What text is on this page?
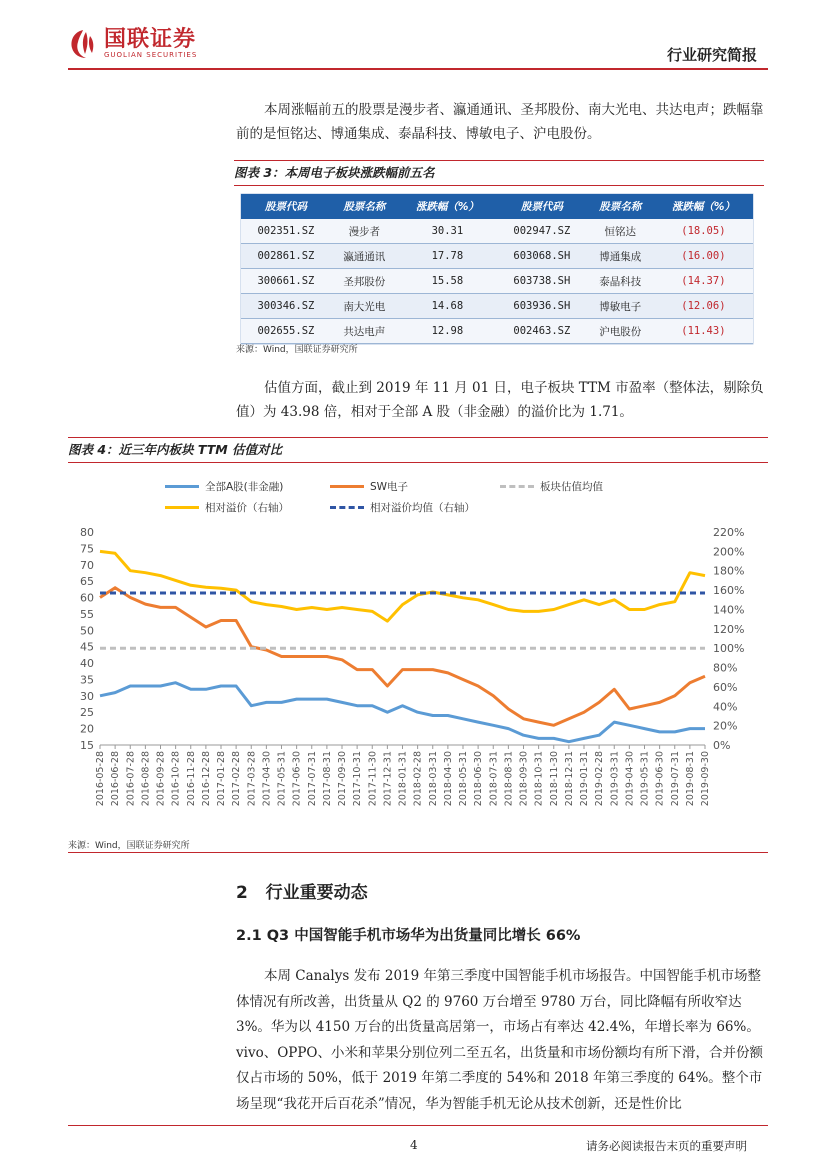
国联证券
GUOLIAN SECURITIES	行业研究简报
本周涨幅前五的股票是漫步者、瀛通通讯、圣邦股份、南大光电、共达电声；跌幅靠前的是恒铭达、博通集成、泰晶科技、博敏电子、沪电股份。
图表 3：本周电子板块涨跌幅前五名
股票代码	股票名称	涨跌幅（%）	股票代码	股票名称	涨跌幅（%）
002351.SZ	漫步者	30.31	002947.SZ	恒铭达	(18.05)
002861.SZ	瀛通通讯	17.78	603068.SH	博通集成	(16.00)
300661.SZ	圣邦股份	15.58	603738.SH	泰晶科技	(14.37)
300346.SZ	南大光电	14.68	603936.SH	博敏电子	(12.06)
002655.SZ	共达电声	12.98	002463.SZ	沪电股份	(11.43)
来源：Wind，国联证券研究所
估值方面，截止到 2019 年 11 月 01 日，电子板块 TTM 市盈率（整体法，剔除负值）为 43.98 倍，相对于全部 A 股（非金融）的溢价比为 1.71。
图表 4：近三年内板块 TTM 估值对比
全部A股(非金融)	SW电子	板块估值均值
相对溢价（右轴）	相对溢价均值（右轴）
80
75
70
65
60
55
50
45
40
35
30
25
20
15
220%
200%
180%
160%
140%
120%
100%
80%
60%
40%
20%
0%
2016-05-28 2016-06-28 2016-07-28 2016-08-28 2016-09-28 2016-10-28 2016-11-28 2016-12-28 2017-01-28 2017-02-28 2017-03-28 2017-04-30 2017-05-31 2017-06-30 2017-07-31 2017-08-31 2017-09-30 2017-10-31 2017-11-30 2017-12-31 2018-01-31 2018-02-28 2018-03-31 2018-04-30 2018-05-31 2018-06-30 2018-07-31 2018-08-31 2018-09-30 2018-10-31 2018-11-30 2018-12-31 2019-01-31 2019-02-28 2019-03-31 2019-04-30 2019-05-31 2019-06-30 2019-07-31 2019-08-31 2019-09-30
来源：Wind，国联证券研究所
2 行业重要动态
2.1 Q3 中国智能手机市场华为出货量同比增长 66%
本周 Canalys 发布 2019 年第三季度中国智能手机市场报告。中国智能手机市场整体情况有所改善，出货量从 Q2 的 9760 万台增至 9780 万台，同比降幅有所收窄达 3%。华为以 4150 万台的出货量高居第一，市场占有率达 42.4%，年增长率为 66%。vivo、OPPO、小米和苹果分别位列二至五名，出货量和市场份额均有所下滑，合并份额仅占市场的 50%，低于 2019 年第二季度的 54%和 2018 年第三季度的 64%。整个市场呈现“我花开后百花杀”情况，华为智能手机无论从技术创新，还是性价比
4	请务必阅读报告末页的重要声明
